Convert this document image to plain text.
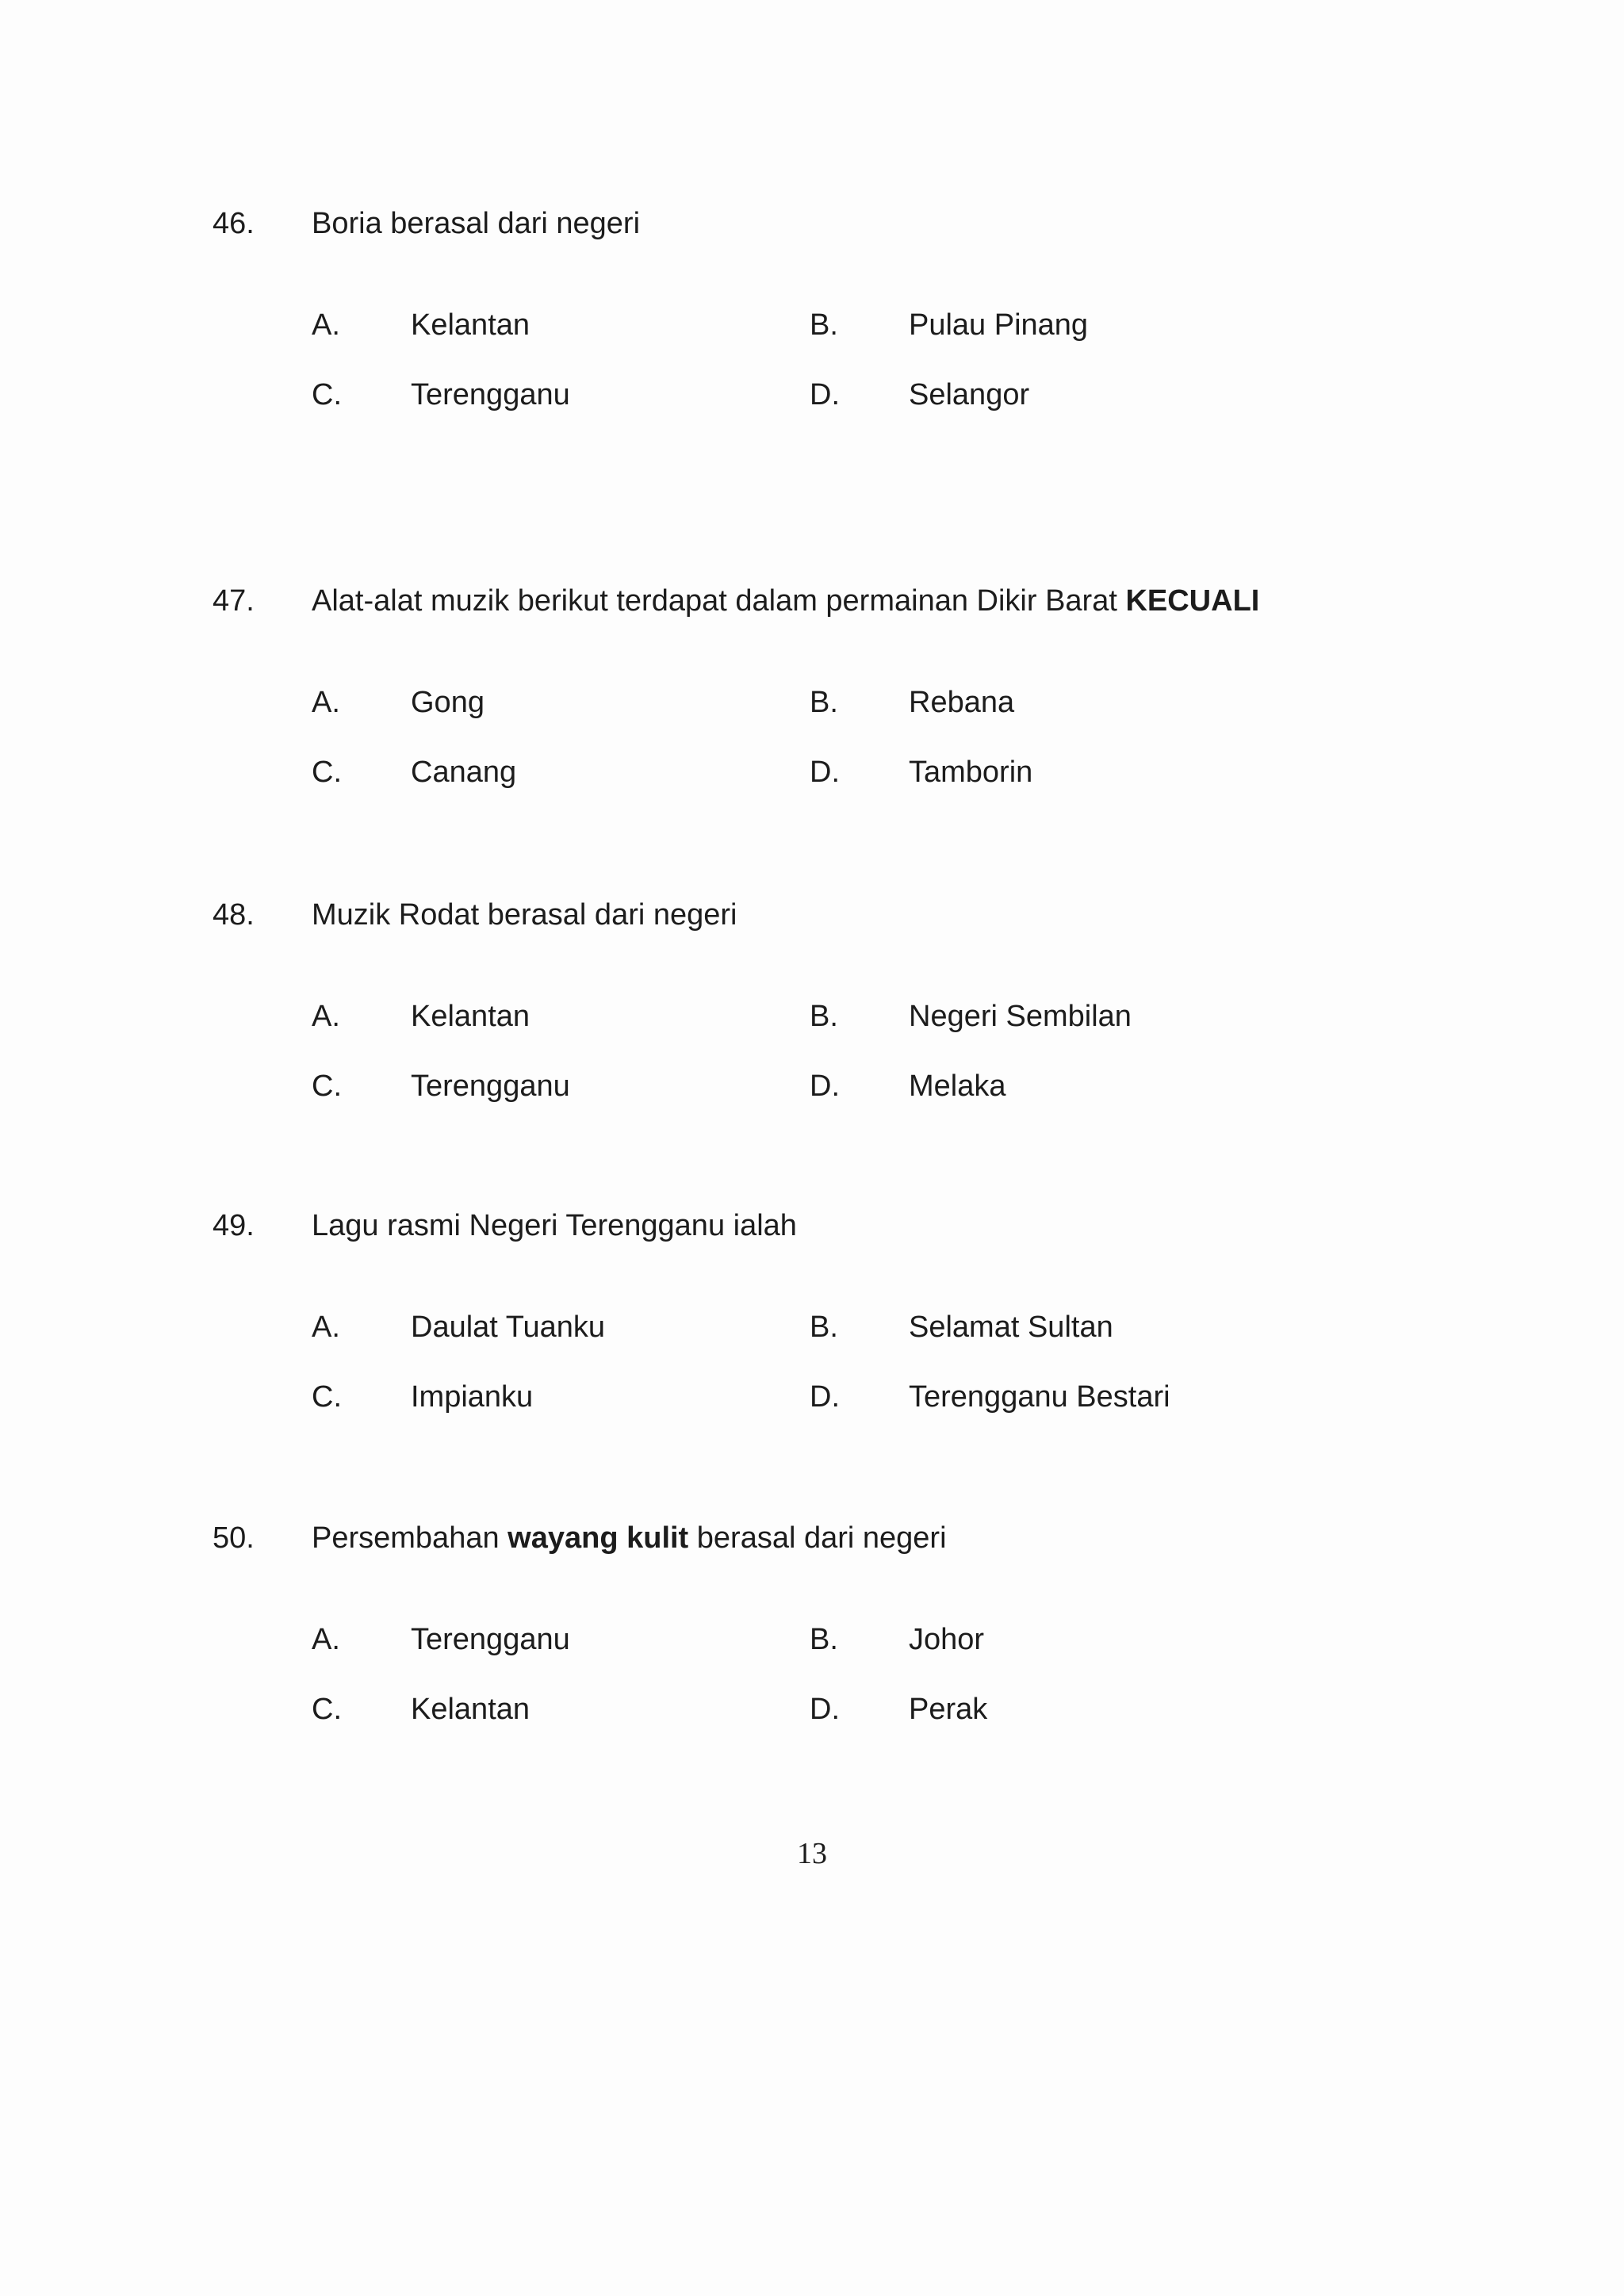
46. Boria berasal dari negeri
A. Kelantan	B. Pulau Pinang
C. Terengganu	D. Selangor
47. Alat-alat muzik berikut terdapat dalam permainan Dikir Barat KECUALI
A. Gong	B. Rebana
C. Canang	D. Tamborin
48. Muzik Rodat berasal dari negeri
A. Kelantan	B. Negeri Sembilan
C. Terengganu	D. Melaka
49. Lagu rasmi Negeri Terengganu ialah
A. Daulat Tuanku	B. Selamat Sultan
C. Impianku	D. Terengganu Bestari
50. Persembahan wayang kulit berasal dari negeri
A. Terengganu	B. Johor
C. Kelantan	D. Perak
13
